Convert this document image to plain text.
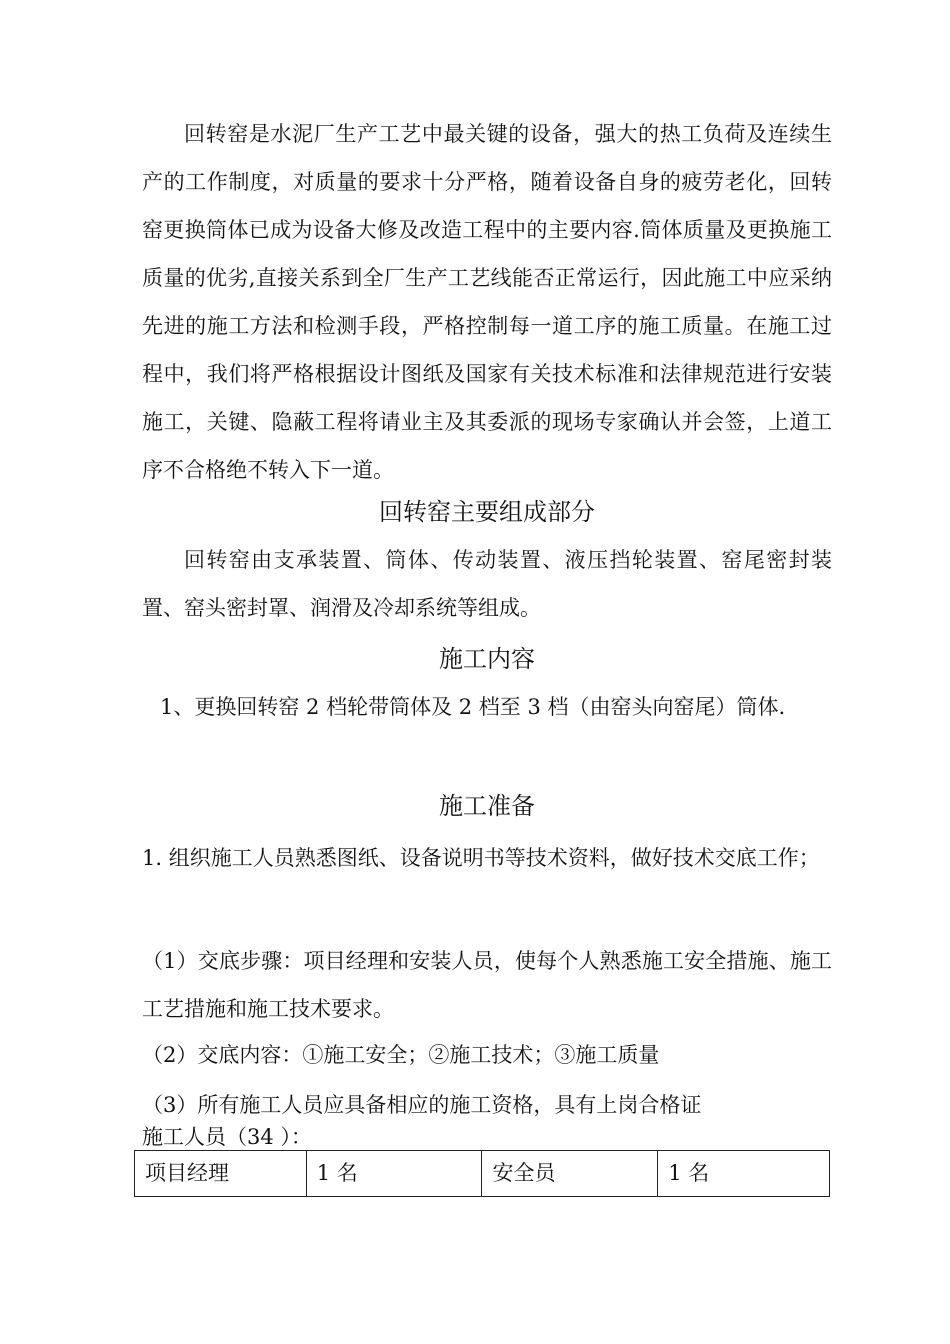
回转窑是水泥厂生产工艺中最关键的设备，强大的热工负荷及连续生产的工作制度，对质量的要求十分严格，随着设备自身的疲劳老化，回转窑更换筒体已成为设备大修及改造工程中的主要内容.筒体质量及更换施工质量的优劣,直接关系到全厂生产工艺线能否正常运行，因此施工中应采纳先进的施工方法和检测手段，严格控制每一道工序的施工质量。在施工过程中，我们将严格根据设计图纸及国家有关技术标准和法律规范进行安装施工，关键、隐蔽工程将请业主及其委派的现场专家确认并会签，上道工序不合格绝不转入下一道。

回转窑主要组成部分

回转窑由支承装置、筒体、传动装置、液压挡轮装置、窑尾密封装置、窑头密封罩、润滑及冷却系统等组成。

施工内容

1、更换回转窑 2 档轮带筒体及 2 档至 3 档（由窑头向窑尾）筒体.

施工准备

1. 组织施工人员熟悉图纸、设备说明书等技术资料，做好技术交底工作；

（1）交底步骤：项目经理和安装人员，使每个人熟悉施工安全措施、施工工艺措施和施工技术要求。

（2）交底内容：①施工安全；②施工技术；③施工质量

（3）所有施工人员应具备相应的施工资格，具有上岗合格证

施工人员（34 ）：

项目经理	1 名	安全员	1 名
